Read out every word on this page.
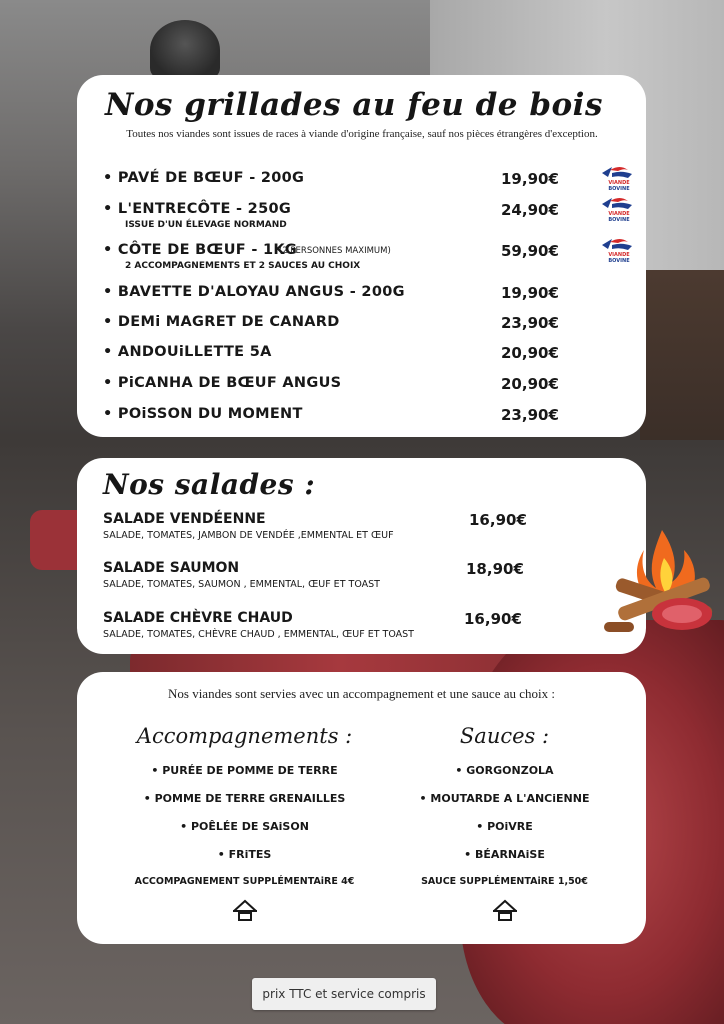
Nos grillades au feu de bois
Toutes nos viandes sont issues de races à viande d'origine française, sauf nos pièces étrangères d'exception.
• PAVÉ DE BŒUF - 200G	19,90€	VIANDE
BOVINE
• L'ENTRECÔTE - 250G
ISSUE D'UN ÉLEVAGE NORMAND
24,90€	VIANDE
BOVINE
• CÔTE DE BŒUF - 1KG
(2 PERSONNES MAXIMUM)
2 ACCOMPAGNEMENTS ET 2 SAUCES AU CHOIX
59,90€	VIANDE
BOVINE
• BAVETTE D'ALOYAU ANGUS - 200G	19,90€
• DEMi MAGRET DE CANARD	23,90€
• ANDOUiLLETTE 5A	20,90€
• PiCANHA DE BŒUF ANGUS	20,90€
• POiSSON DU MOMENT	23,90€
Nos salades :
SALADE VENDÉENNE
SALADE, TOMATES, JAMBON DE VENDÉE ,EMMENTAL ET ŒUF
16,90€
SALADE SAUMON
SALADE, TOMATES, SAUMON , EMMENTAL, ŒUF ET TOAST
18,90€
SALADE CHÈVRE CHAUD
SALADE, TOMATES, CHÈVRE CHAUD , EMMENTAL, ŒUF ET TOAST
16,90€
Nos viandes sont servies avec un accompagnement et une sauce au choix :
Accompagnements :
• PURÉE DE POMME DE TERRE
• POMME DE TERRE GRENAILLES
• POÊLÉE DE SAiSON
• FRiTES
ACCOMPAGNEMENT SUPPLÉMENTAiRE 4€
Sauces :
• GORGONZOLA
• MOUTARDE A L'ANCiENNE
• POiVRE
• BÉARNAiSE
SAUCE SUPPLÉMENTAiRE 1,50€
prix TTC et service compris
